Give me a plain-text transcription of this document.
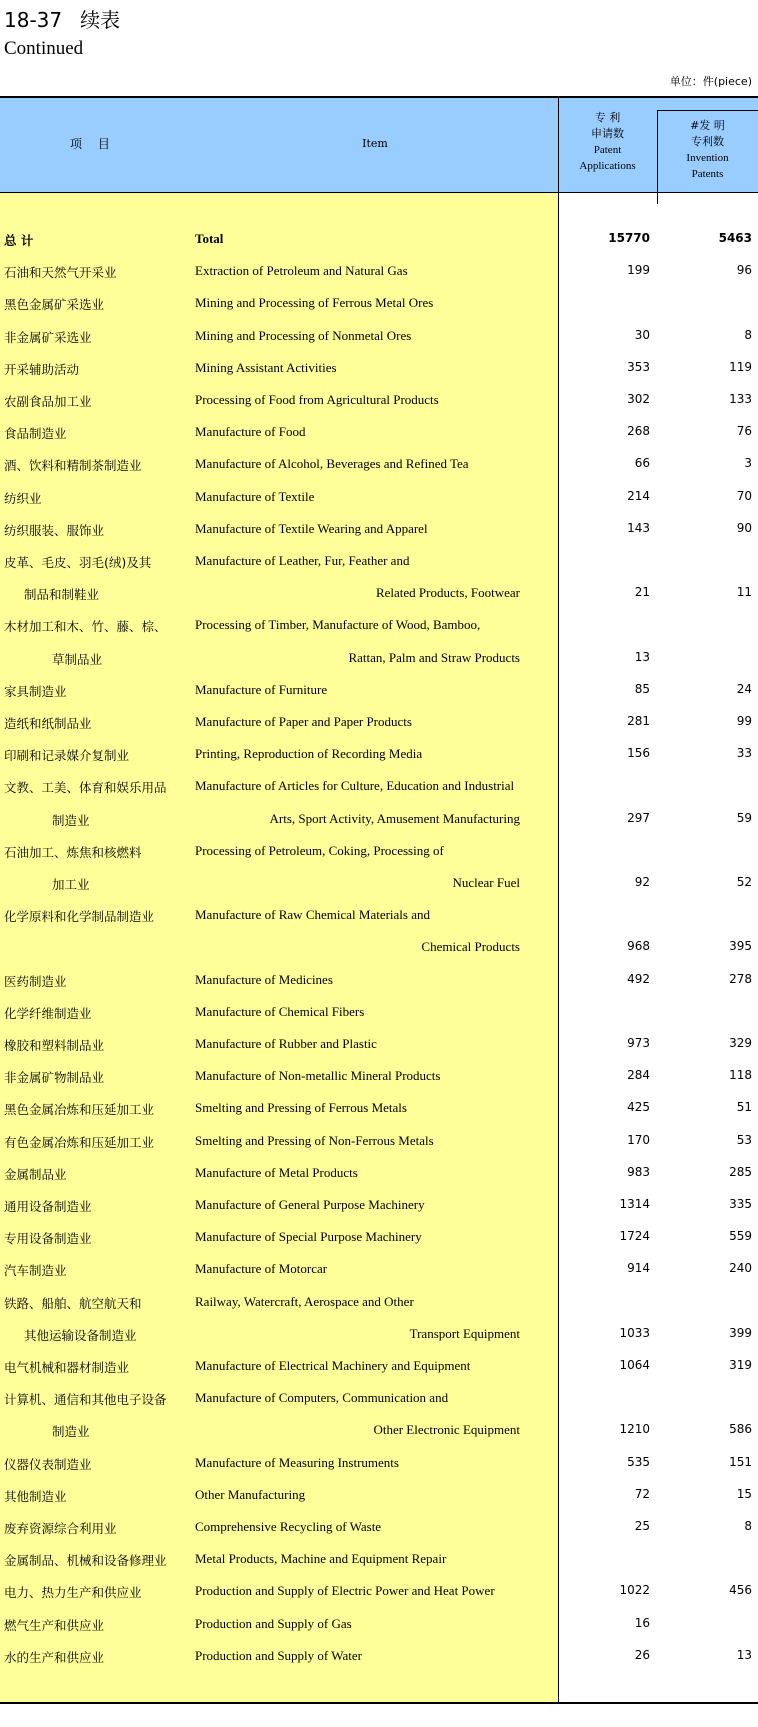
18-37 续表
Continued
单位：件(piece)
项 目	Item
专 利
申请数
Patent
Applications
#发 明
专利数
Invention
Patents
总 计	Total	15770	5463
石油和天然气开采业	Extraction of Petroleum and Natural Gas	199	96
黑色金属矿采选业	Mining and Processing of Ferrous Metal Ores
非金属矿采选业	Mining and Processing of Nonmetal Ores	30	8
开采辅助活动	Mining Assistant Activities	353	119
农副食品加工业	Processing of Food from Agricultural Products	302	133
食品制造业	Manufacture of Food	268	76
酒、饮料和精制茶制造业	Manufacture of Alcohol, Beverages and Refined Tea	66	3
纺织业	Manufacture of Textile	214	70
纺织服装、服饰业	Manufacture of Textile Wearing and Apparel	143	90
皮革、毛皮、羽毛(绒)及其	Manufacture of Leather, Fur, Feather and
制品和制鞋业	Related Products, Footwear	21	11
木材加工和木、竹、藤、棕、 Processing of Timber, Manufacture of Wood, Bamboo,
草制品业	Rattan, Palm and Straw Products	13
家具制造业	Manufacture of Furniture	85	24
造纸和纸制品业	Manufacture of Paper and Paper Products	281	99
印刷和记录媒介复制业	Printing, Reproduction of Recording Media	156	33
文教、工美、体育和娱乐用品 Manufacture of Articles for Culture, Education and Industrial
制造业	Arts, Sport Activity, Amusement Manufacturing	297	59
石油加工、炼焦和核燃料	Processing of Petroleum, Coking, Processing of
加工业	Nuclear Fuel	92	52
化学原料和化学制品制造业	Manufacture of Raw Chemical Materials and
Chemical Products	968	395
医药制造业	Manufacture of Medicines	492	278
化学纤维制造业	Manufacture of Chemical Fibers
橡胶和塑料制品业	Manufacture of Rubber and Plastic	973	329
非金属矿物制品业	Manufacture of Non-metallic Mineral Products	284	118
黑色金属冶炼和压延加工业	Smelting and Pressing of Ferrous Metals	425	51
有色金属冶炼和压延加工业	Smelting and Pressing of Non-Ferrous Metals	170	53
金属制品业	Manufacture of Metal Products	983	285
通用设备制造业	Manufacture of General Purpose Machinery	1314	335
专用设备制造业	Manufacture of Special Purpose Machinery	1724	559
汽车制造业	Manufacture of Motorcar	914	240
铁路、船舶、航空航天和	Railway, Watercraft, Aerospace and Other
其他运输设备制造业	Transport Equipment	1033	399
电气机械和器材制造业	Manufacture of Electrical Machinery and Equipment	1064	319
计算机、通信和其他电子设备 Manufacture of Computers, Communication and
制造业	Other Electronic Equipment	1210	586
仪器仪表制造业	Manufacture of Measuring Instruments	535	151
其他制造业	Other Manufacturing	72	15
废弃资源综合利用业	Comprehensive Recycling of Waste	25	8
金属制品、机械和设备修理业 Metal Products, Machine and Equipment Repair
电力、热力生产和供应业	Production and Supply of Electric Power and Heat Power	1022	456
燃气生产和供应业	Production and Supply of Gas	16
水的生产和供应业	Production and Supply of Water	26	13
